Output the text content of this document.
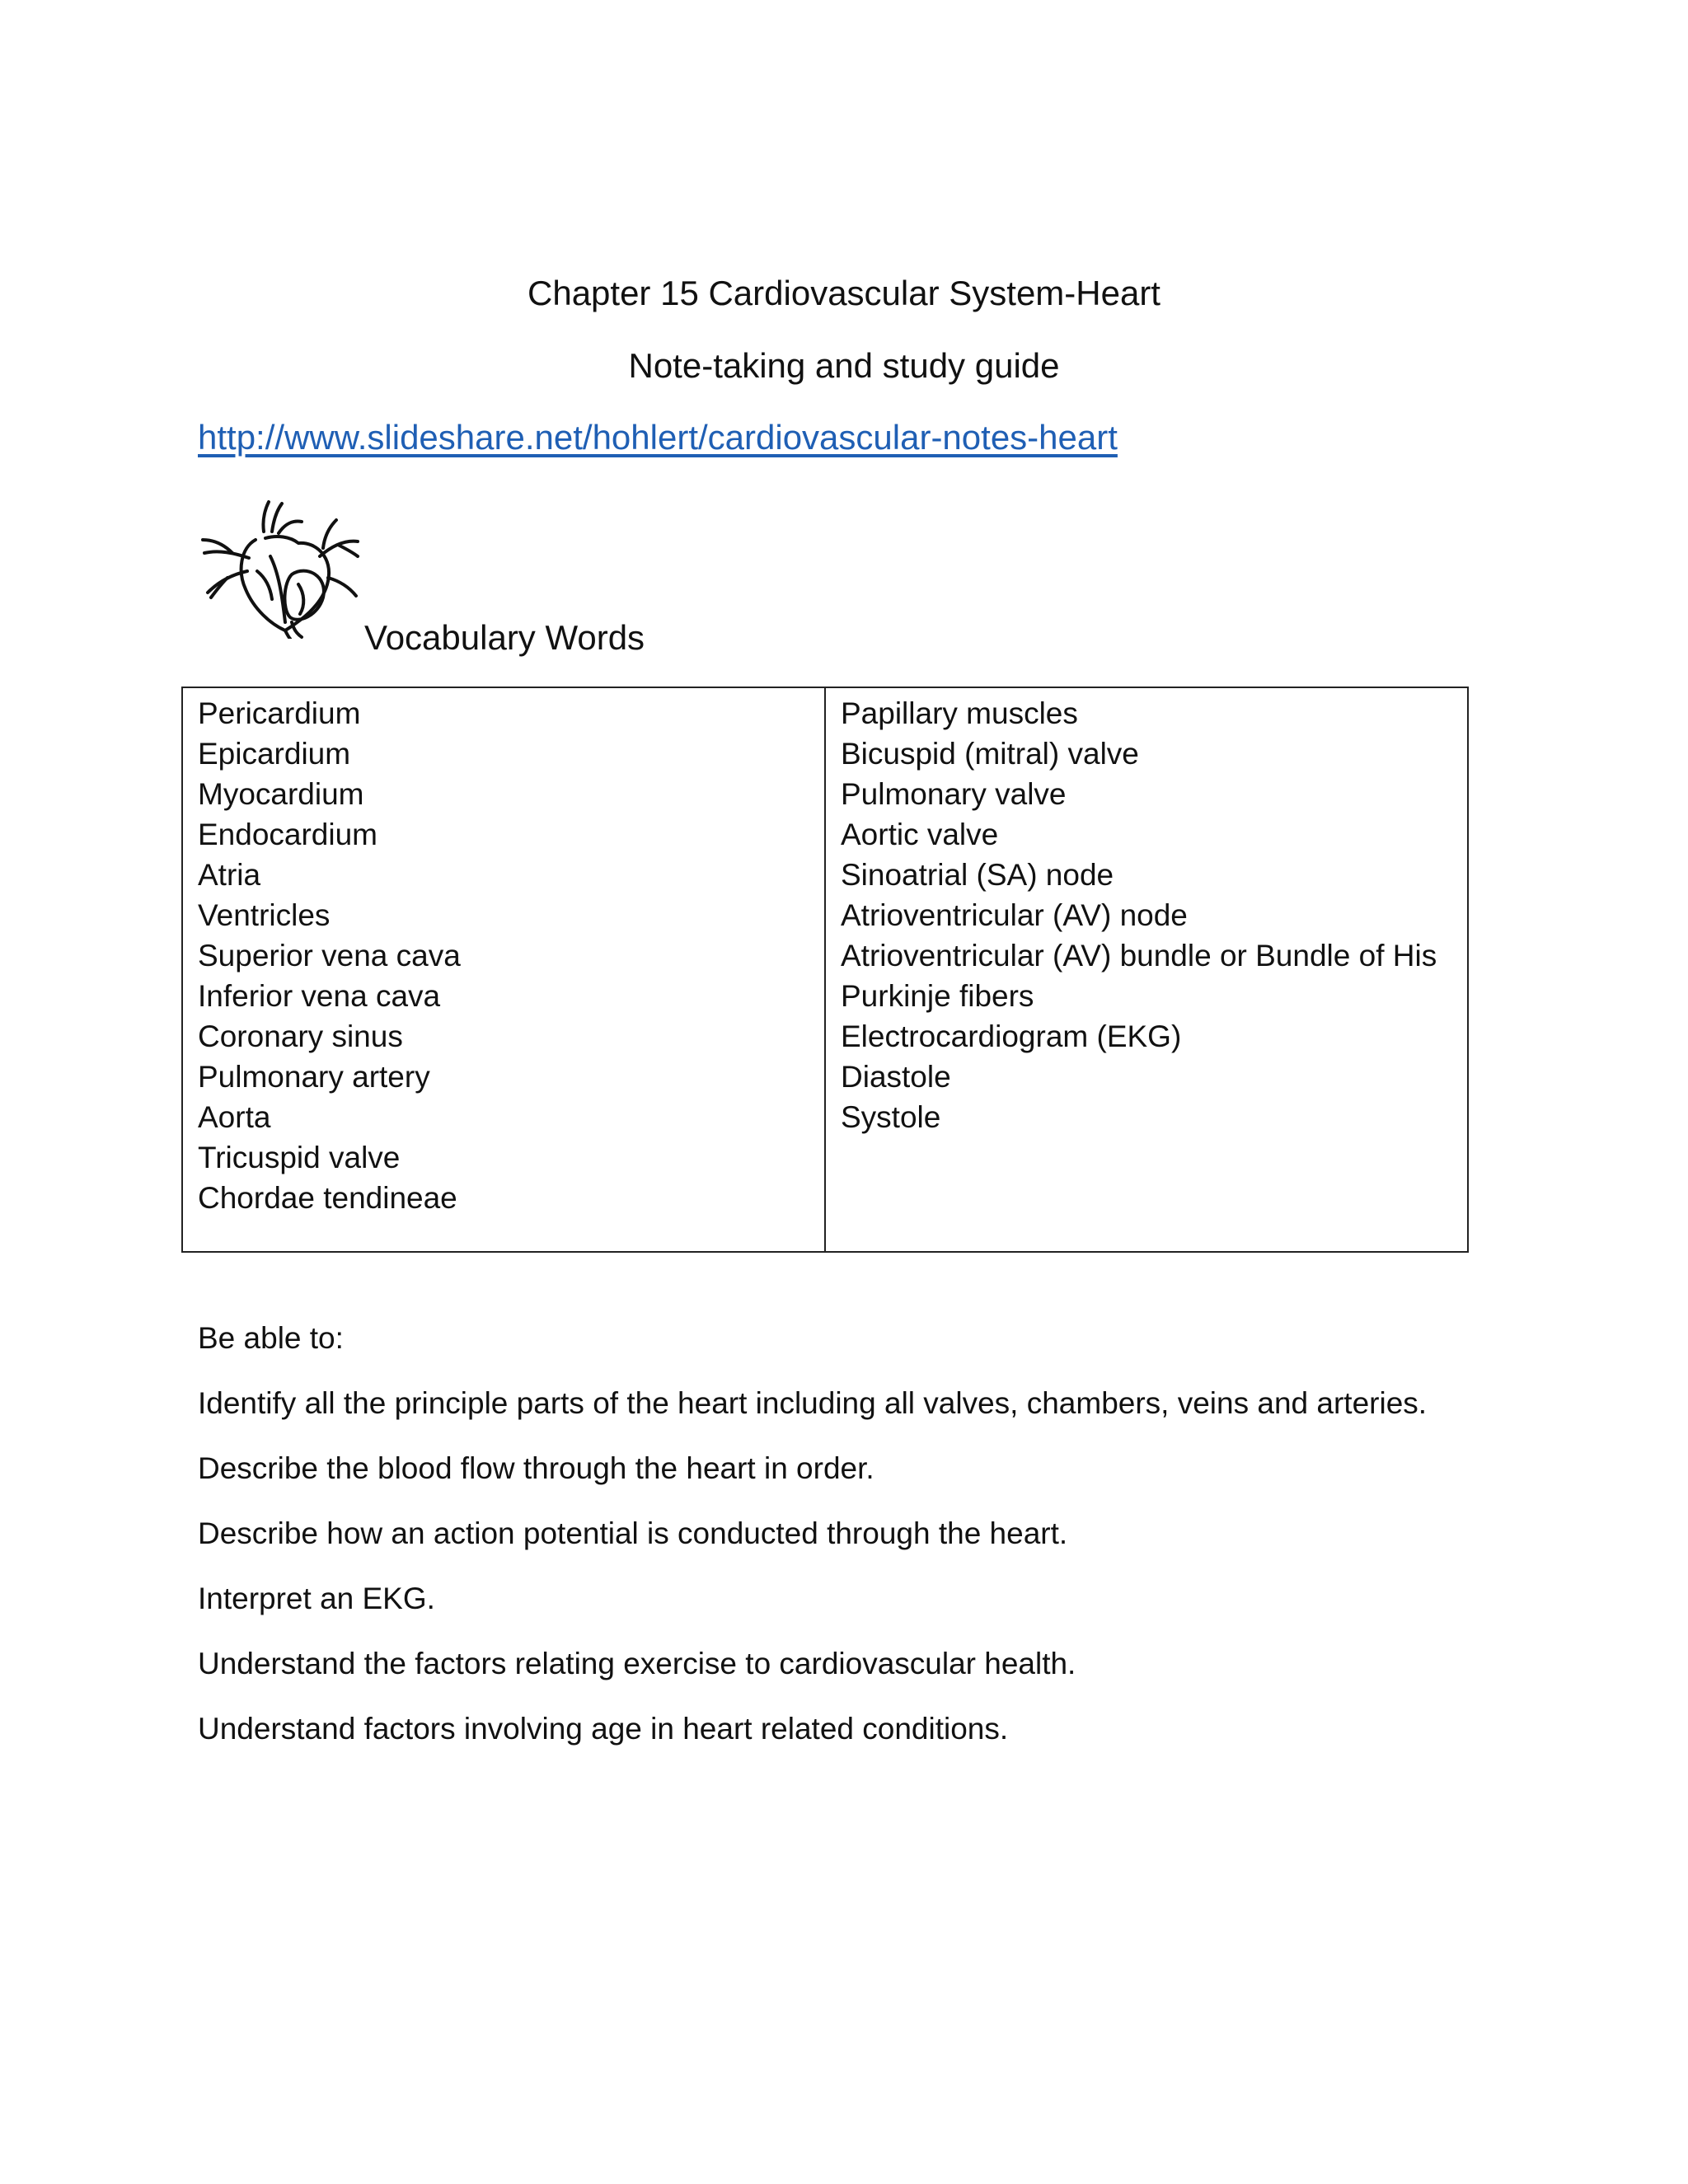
Chapter 15 Cardiovascular System-Heart
Note-taking and study guide
http://www.slideshare.net/hohlert/cardiovascular-notes-heart
Vocabulary Words
Pericardium
Epicardium
Myocardium
Endocardium
Atria
Ventricles
Superior vena cava
Inferior vena cava
Coronary sinus
Pulmonary artery
Aorta
Tricuspid valve
Chordae tendineae
Papillary muscles
Bicuspid (mitral) valve
Pulmonary valve
Aortic valve
Sinoatrial (SA) node
Atrioventricular (AV) node
Atrioventricular (AV) bundle or Bundle of His
Purkinje fibers
Electrocardiogram (EKG)
Diastole
Systole

Be able to:

Identify all the principle parts of the heart including all valves, chambers, veins and arteries.

Describe the blood flow through the heart in order.

Describe how an action potential is conducted through the heart.

Interpret an EKG.

Understand the factors relating exercise to cardiovascular health.

Understand factors involving age in heart related conditions.
